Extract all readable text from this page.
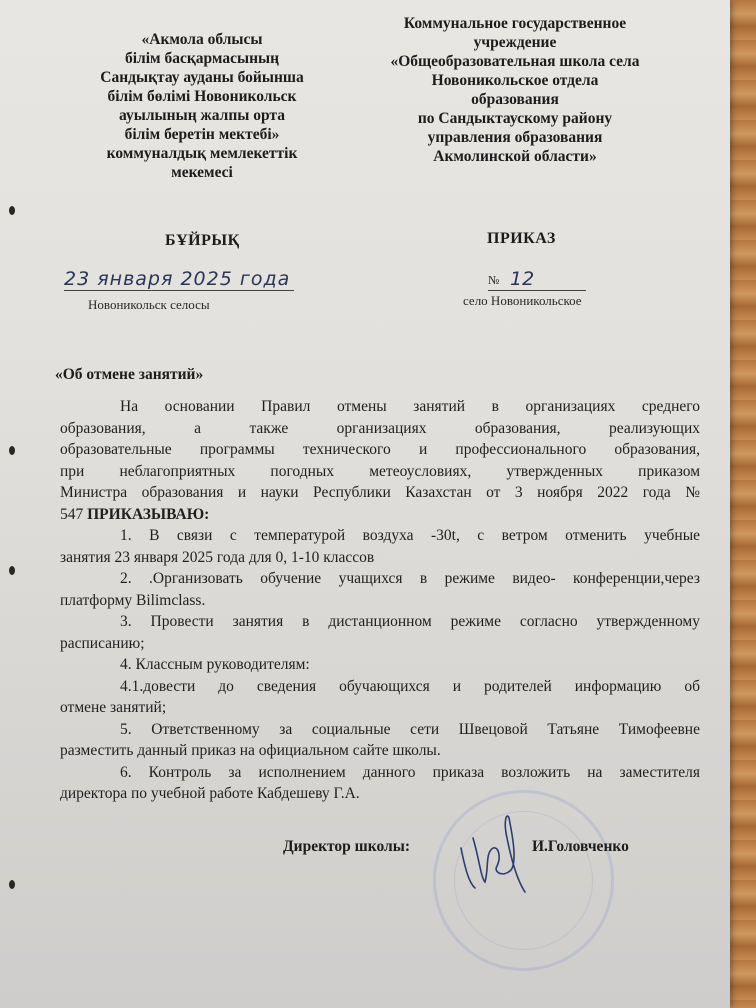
«Акмола облысы
білім басқармасының
Сандықтау ауданы бойынша
білім бөлімі Новоникольск
ауылының жалпы орта
білім беретін мектебі»
коммуналдық мемлекеттік
мекемесі
Коммунальное государственное
учреждение
«Общеобразовательная школа села
Новоникольское отдела
образования
по Сандыктаускому району
управления образования
Акмолинской области»
БҰЙРЫҚ	ПРИКАЗ
23 января 2025 года
Новоникольск селосы
№ 12
село Новоникольское
«Об отмене занятий»

На основании Правил отмены занятий в организациях среднего

образования, а также организациях образования, реализующих

образовательные программы технического и профессионального образования,

при неблагоприятных погодных метеоусловиях, утвержденных приказом

Министра образования и науки Республики Казахстан от 3 ноября 2022 года №

547 ПРИКАЗЫВАЮ:

1. В связи с температурой воздуха -30t, с ветром отменить учебные

занятия 23 января 2025 года для 0, 1-10 классов

2. .Организовать обучение учащихся в режиме видео- конференции,через

платформу Bilimclass.

3. Провести занятия в дистанционном режиме согласно утвержденному

расписанию;

4. Классным руководителям:

4.1.довести до сведения обучающихся и родителей информацию об

отмене занятий;

5. Ответственному за социальные сети Швецовой Татьяне Тимофеевне

разместить данный приказ на официальном сайте школы.

6. Контроль за исполнением данного приказа возложить на заместителя

директора по учебной работе Кабдешеву Г.А.

Директор школы:	И.Головченко
